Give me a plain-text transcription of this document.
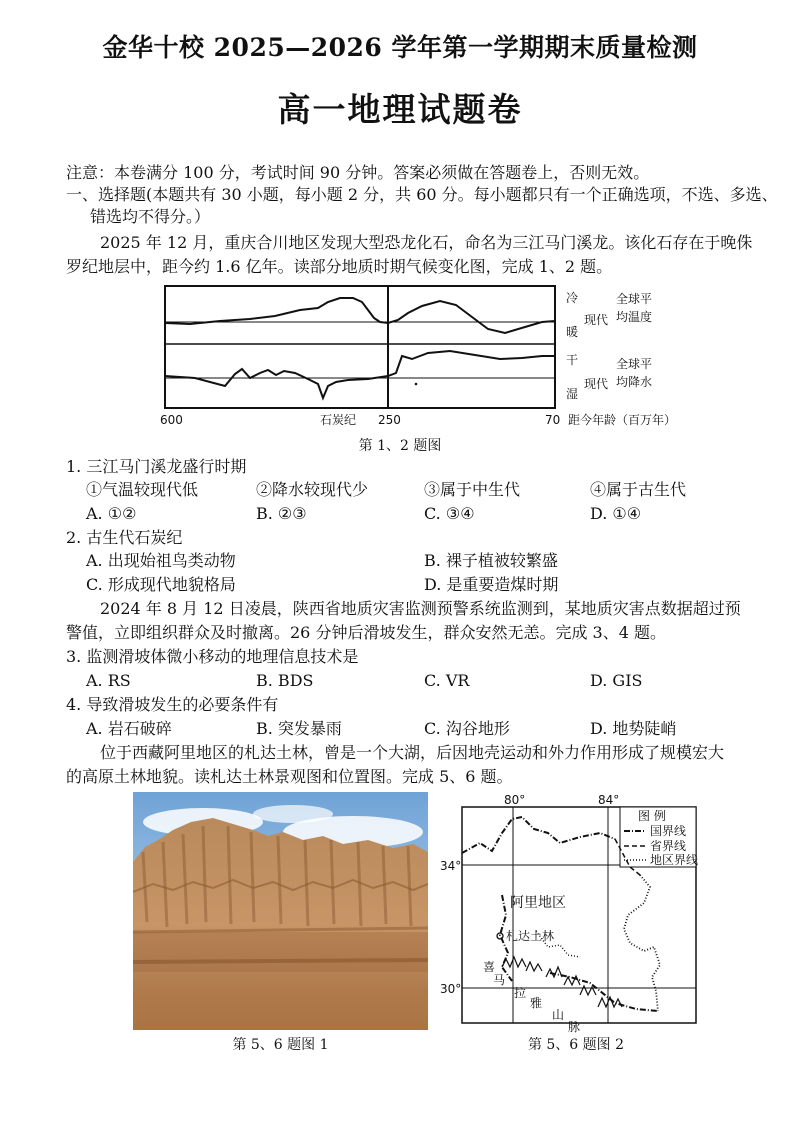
金华十校 2025—2026 学年第一学期期末质量检测
高一地理试题卷
注意：本卷满分 100 分，考试时间 90 分钟。答案必须做在答题卷上，否则无效。
一、选择题(本题共有 30 小题，每小题 2 分，共 60 分。每小题都只有一个正确选项，不选、多选、
错选均不得分。）
2025 年 12 月，重庆合川地区发现大型恐龙化石，命名为三江马门溪龙。该化石存在于晚侏
罗纪地层中，距今约 1.6 亿年。读部分地质时期气候变化图，完成 1、2 题。
冷
暖
现代
全球平
均温度
干
湿
现代
全球平
均降水
600	石炭纪 250	70 距今年龄（百万年）
第 1、2 题图
1. 三江马门溪龙盛行时期
①气温较现代低	②降水较现代少	③属于中生代	④属于古生代
A. ①②	B. ②③	C. ③④	D. ①④
2. 古生代石炭纪
A. 出现始祖鸟类动物	B. 裸子植被较繁盛
C. 形成现代地貌格局	D. 是重要造煤时期
2024 年 8 月 12 日凌晨，陕西省地质灾害监测预警系统监测到，某地质灾害点数据超过预
警值，立即组织群众及时撤离。26 分钟后滑坡发生，群众安然无恙。完成 3、4 题。
3. 监测滑坡体微小移动的地理信息技术是
A. RS	B. BDS	C. VR	D. GIS
4. 导致滑坡发生的必要条件有
A. 岩石破碎	B. 突发暴雨	C. 沟谷地形	D. 地势陡峭
位于西藏阿里地区的札达土林，曾是一个大湖，后因地壳运动和外力作用形成了规模宏大
的高原土林地貌。读札达土林景观图和位置图。完成 5、6 题。
第 5、6 题图 1
80°	84°
34°
30°
图 例
国界线
省界线
地区界线
阿里地区
札达土林
喜
马
拉
雅
山
脉
第 5、6 题图 2
